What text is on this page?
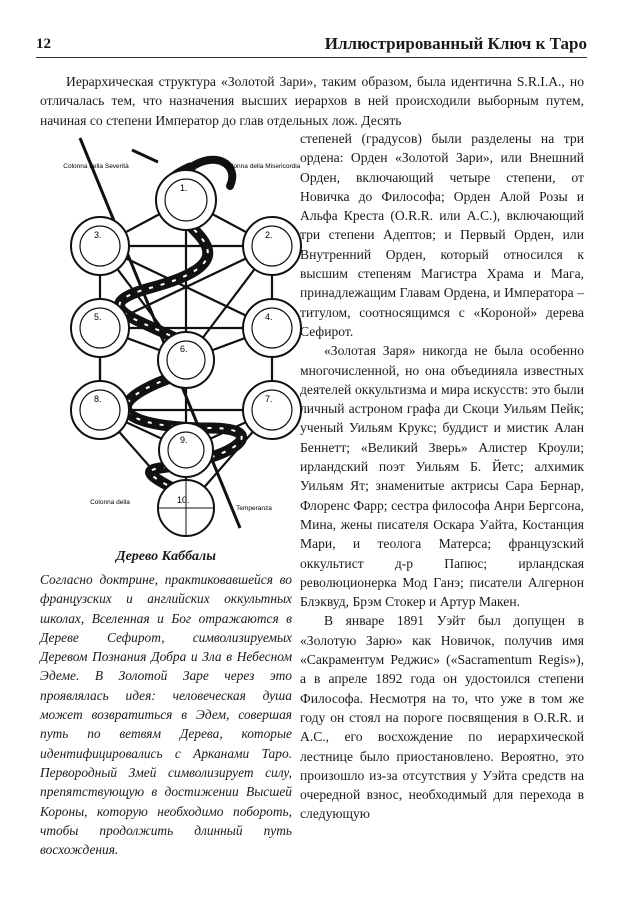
12	Иллюстрированный Ключ к Таро

Иерархическая структура «Золотой Зари», таким образом, была идентична S.R.I.A., но отличалась тем, что назначения высших иерархов в ней происходили выборным путем, начиная со степени Император до глав отдельных лож. Десять

1.
2.
3.
4.
5.
6.
7.
8.
9.
10.
Colonna della Severità	Colonna della Misericordia
Colonna della
Temperanza

Дерево Каббалы

Согласно доктрине, практиковавшейся во французских и английских оккультных школах, Вселенная и Бог отражаются в Дереве Сефирот, символизируемых Деревом Познания Добра и Зла в Небесном Эдеме. В Золотой Заре через это проявлялась идея: человеческая душа может возвратиться в Эдем, совершая путь по ветвям Дерева, которые идентифицировались с Арканами Таро. Первородный Змей символизирует силу, препятствующую в достижении Высшей Короны, которую необходимо побороть, чтобы продолжить длинный путь восхождения.

степеней (градусов) были разделены на три ордена: Орден «Золотой Зари», или Внешний Орден, включающий четыре степени, от Новичка до Философа; Орден Алой Розы и Альфа Креста (O.R.R. или A.C.), включающий три степени Адептов; и Первый Орден, или Внутренний Орден, который относился к высшим степеням Магистра Храма и Мага, принадлежащим Главам Ордена, и Императора – титулом, соотносящимся с «Короной» дерева Сефирот.

«Золотая Заря» никогда не была особенно многочисленной, но она объединяла известных деятелей оккультизма и мира искусств: это были личный астроном графа ди Скоци Уильям Пейк; ученый Уильям Крукс; буддист и мистик Алан Беннетт; «Великий Зверь» Алистер Кроули; ирландский поэт Уильям Б. Йетс; алхимик Уильям Ят; знаменитые актрисы Сара Бернар, Флоренс Фарр; сестра философа Анри Бергсона, Мина, жены писателя Оскара Уайта, Костанция Мари, и теолога Матерса; французский оккультист д-р Папюс; ирландская революционерка Мод Ганэ; писатели Алгернон Блэквуд, Брэм Стокер и Артур Макен.

В январе 1891 Уэйт был допущен в «Золотую Зарю» как Новичок, получив имя «Сакраментум Реджис» («Sacramentum Regis»), а в апреле 1892 года он удостоился степени Философа. Несмотря на то, что уже в том же году он стоял на пороге посвящения в O.R.R. и A.C., его восхождение по иерархической лестнице было приостановлено. Вероятно, это произошло из-за отсутствия у Уэйта средств на очередной взнос, необходимый для перехода в следующую
